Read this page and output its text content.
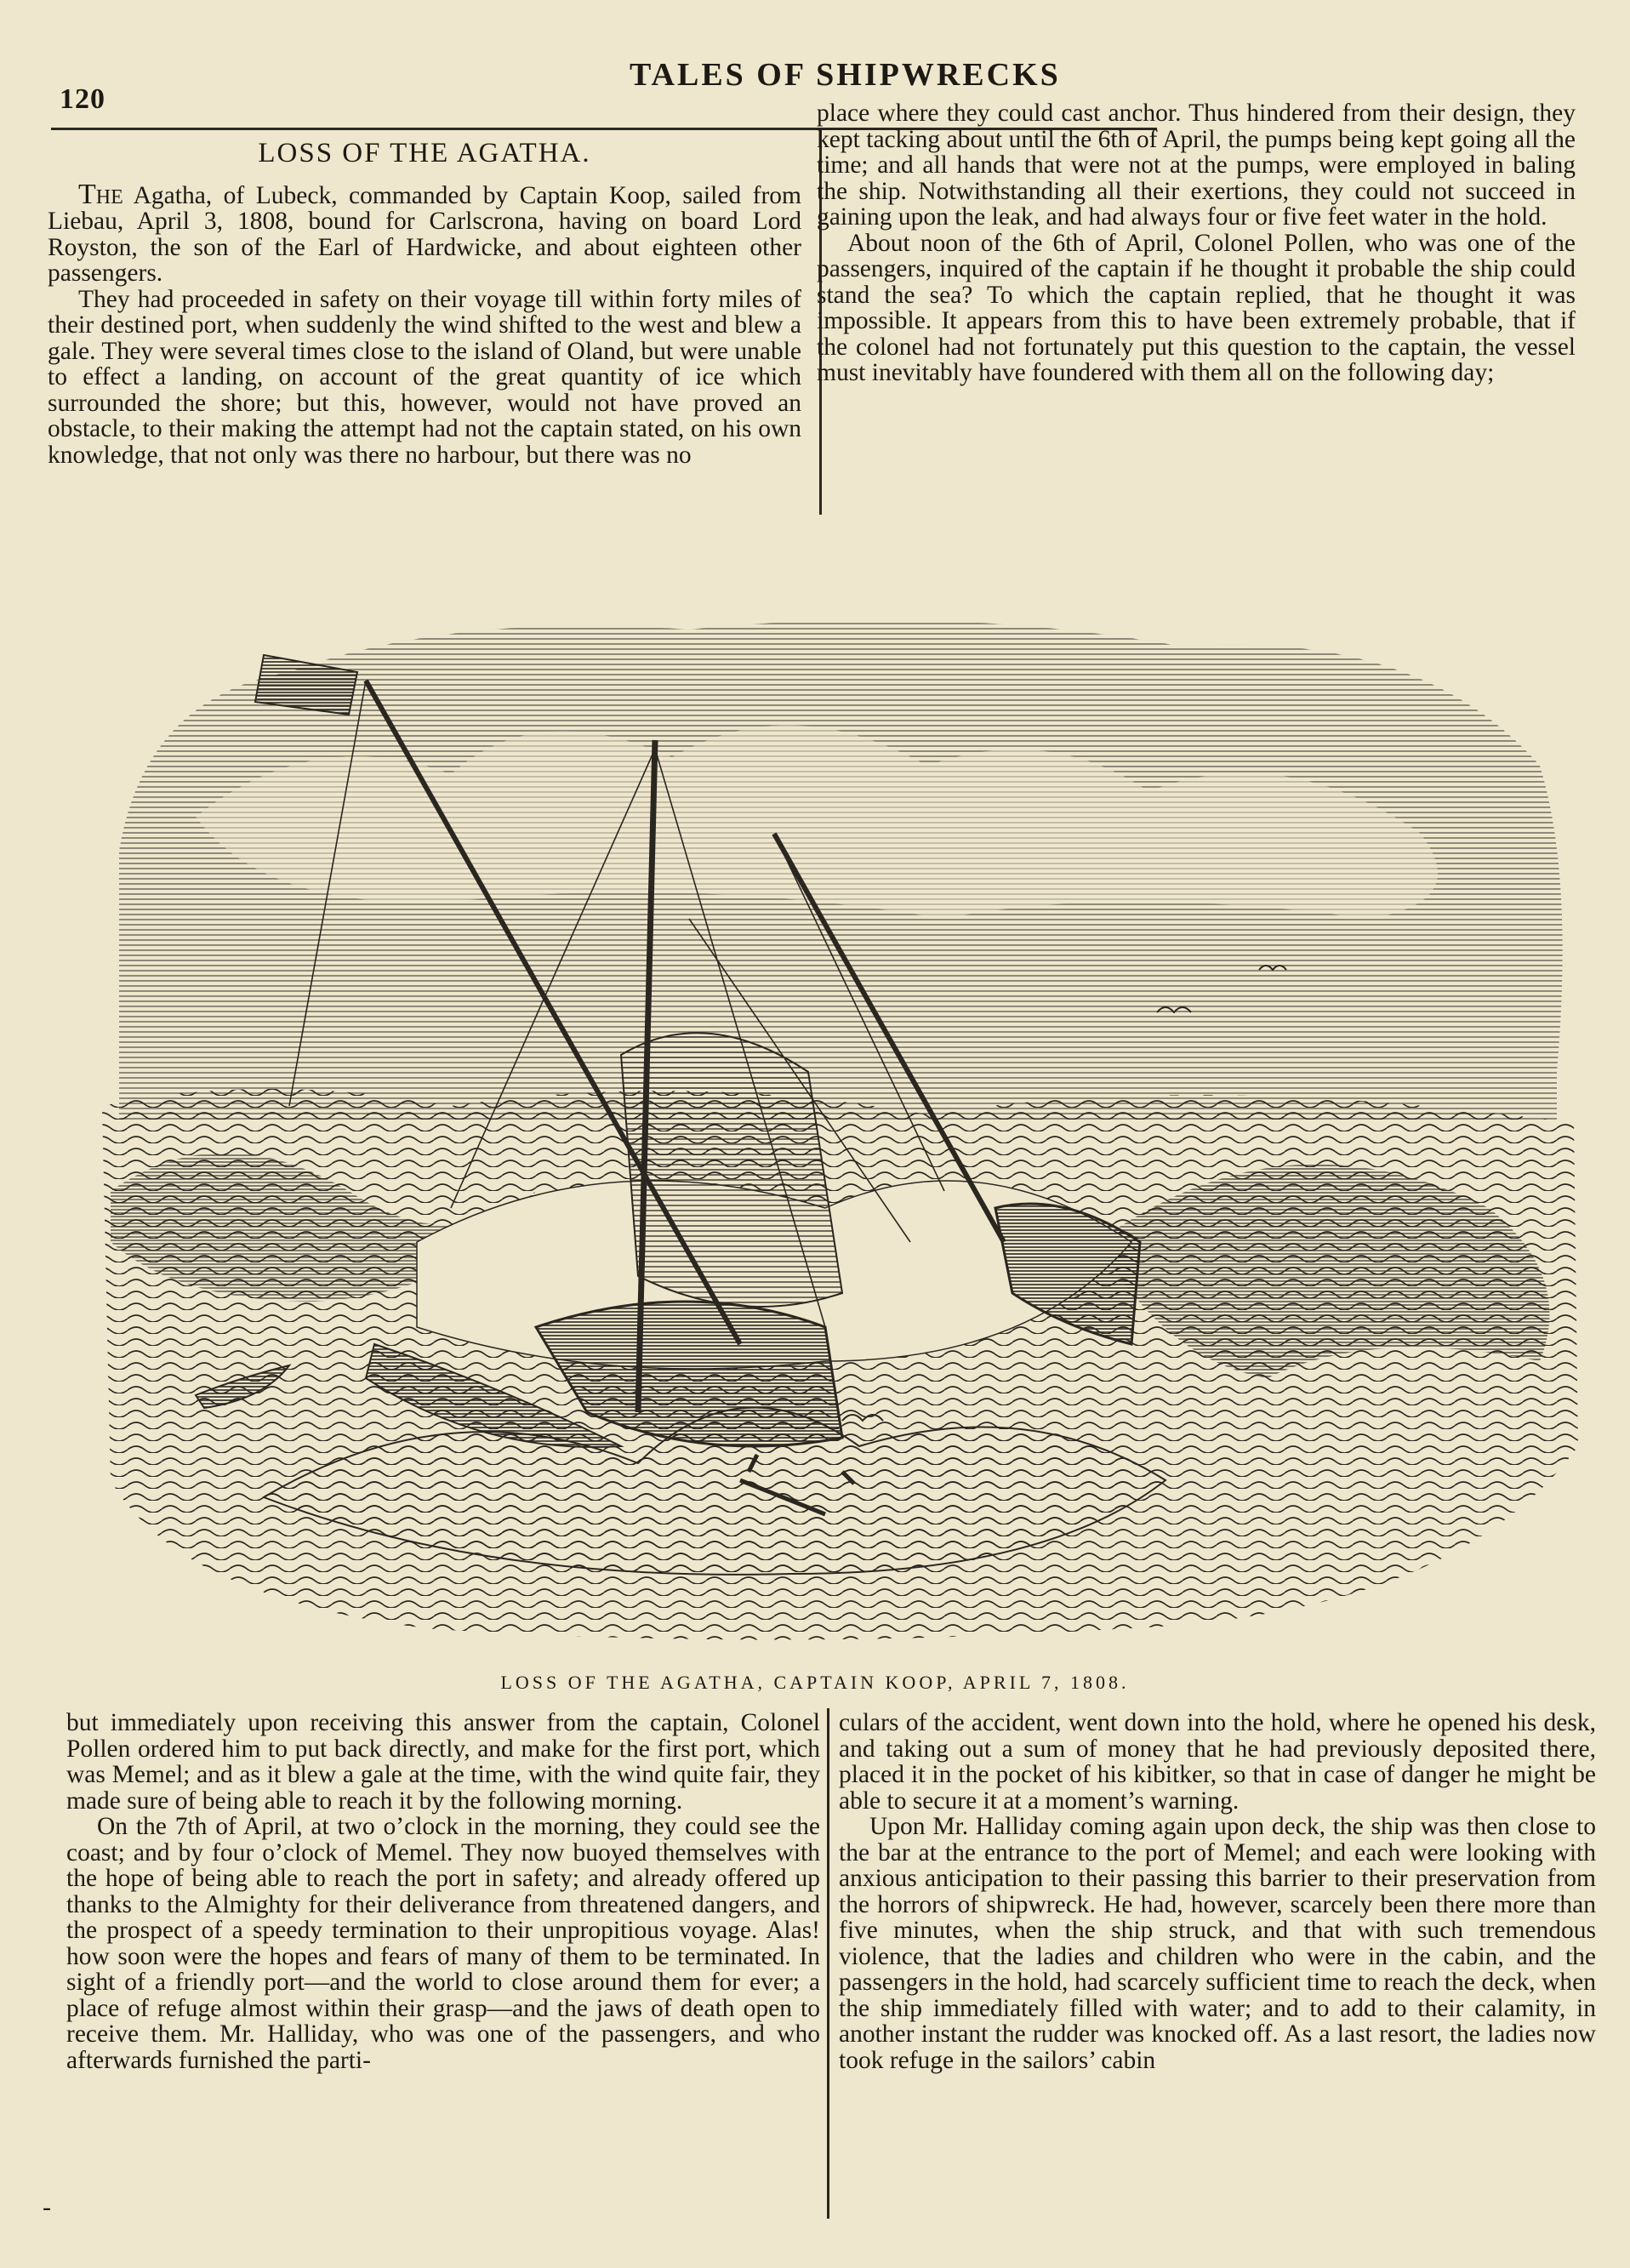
120
TALES OF SHIPWRECKS
LOSS OF THE AGATHA.

The Agatha, of Lubeck, commanded by Captain Koop, sailed from Liebau, April 3, 1808, bound for Carlscrona, having on board Lord Royston, the son of the Earl of Hardwicke, and about eighteen other passengers.

They had proceeded in safety on their voyage till within forty miles of their destined port, when suddenly the wind shifted to the west and blew a gale. They were several times close to the island of Oland, but were unable to effect a landing, on account of the great quantity of ice which surrounded the shore; but this, however, would not have proved an obstacle, to their making the attempt had not the captain stated, on his own knowledge, that not only was there no harbour, but there was no

place where they could cast anchor. Thus hindered from their design, they kept tacking about until the 6th of April, the pumps being kept going all the time; and all hands that were not at the pumps, were employed in baling the ship. Notwithstanding all their exertions, they could not succeed in gaining upon the leak, and had always four or five feet water in the hold.

About noon of the 6th of April, Colonel Pollen, who was one of the passengers, inquired of the captain if he thought it probable the ship could stand the sea? To which the captain replied, that he thought it was impossible. It appears from this to have been extremely probable, that if the colonel had not fortunately put this question to the captain, the vessel must inevitably have foundered with them all on the following day;

LOSS OF THE AGATHA, CAPTAIN KOOP, APRIL 7, 1808.

but immediately upon receiving this answer from the captain, Colonel Pollen ordered him to put back directly, and make for the first port, which was Memel; and as it blew a gale at the time, with the wind quite fair, they made sure of being able to reach it by the following morning.

On the 7th of April, at two o’clock in the morning, they could see the coast; and by four o’clock of Memel. They now buoyed themselves with the hope of being able to reach the port in safety; and already offered up thanks to the Almighty for their deliverance from threatened dangers, and the prospect of a speedy termination to their unpropitious voyage. Alas! how soon were the hopes and fears of many of them to be terminated. In sight of a friendly port—and the world to close around them for ever; a place of refuge almost within their grasp—and the jaws of death open to receive them. Mr. Halliday, who was one of the passengers, and who afterwards furnished the parti-

culars of the accident, went down into the hold, where he opened his desk, and taking out a sum of money that he had previously deposited there, placed it in the pocket of his kibitker, so that in case of danger he might be able to secure it at a moment’s warning.

Upon Mr. Halliday coming again upon deck, the ship was then close to the bar at the entrance to the port of Memel; and each were looking with anxious anticipation to their passing this barrier to their preservation from the horrors of shipwreck. He had, however, scarcely been there more than five minutes, when the ship struck, and that with such tremendous violence, that the ladies and children who were in the cabin, and the passengers in the hold, had scarcely sufficient time to reach the deck, when the ship immediately filled with water; and to add to their calamity, in another instant the rudder was knocked off. As a last resort, the ladies now took refuge in the sailors’ cabin

-
